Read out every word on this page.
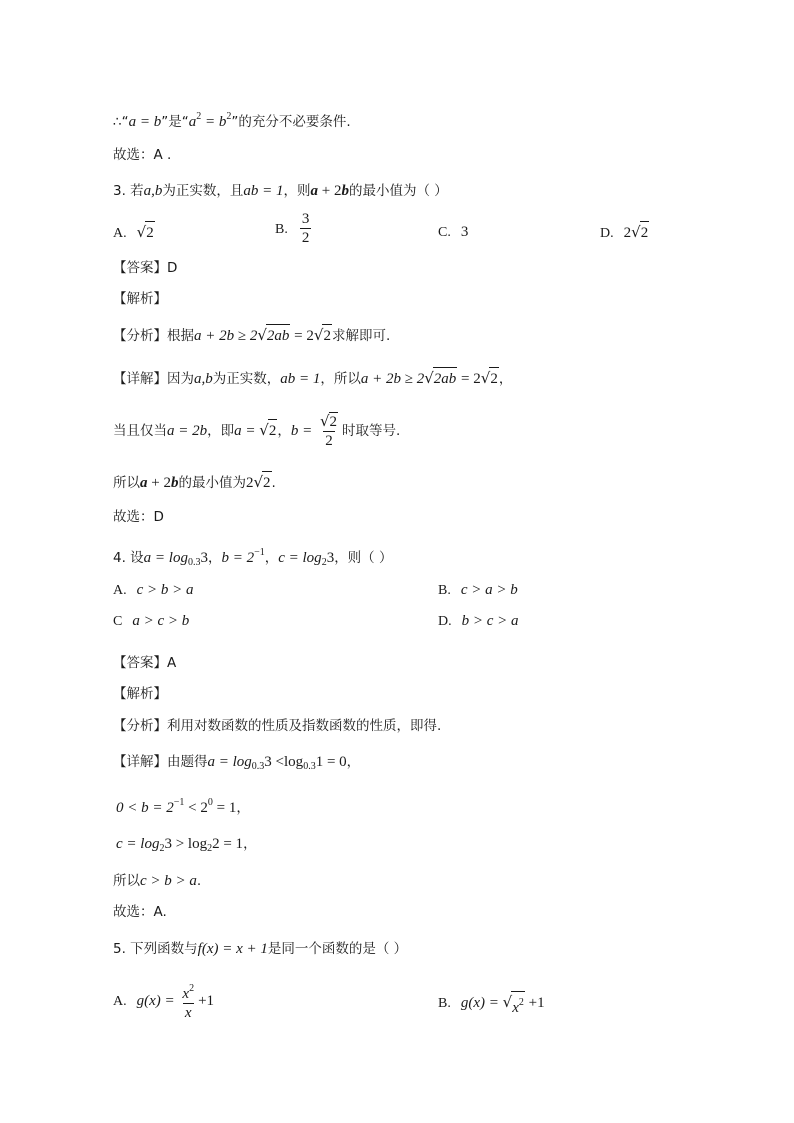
∴“a = b”是“$a^2 = b^2$”的充分不必要条件.
故选：A .
3. 若a,b为正实数，且ab = 1，则a + 2b的最小值为（ ）
A. √ 2	B. $\frac{3}{2}$	C. 3	D. 2 √ 2
【答案】D
【解析】
【分析】根据a + 2b ≥ 2 √ 2ab = 2 √ 2 求解即可.
【详解】因为a,b为正实数，ab = 1，所以a + 2b ≥ 2 √ 2ab = 2 √ 2 ，
当且仅当a = 2b，即a = √ 2 ，$b = \frac{√ 2}{2}$ 时取等号.
所以a + 2b的最小值为2 √ 2 .
故选：D
4. 设$a = \log_{0.3}3$，$b = 2^{-1}$，$c = \log_23$，则（ ）
A. c > b > a	B. c > a > b
C a > c > b	D. b > c > a
【答案】A
【解析】
【分析】利用对数函数的性质及指数函数的性质，即得.
【详解】由题得$a = \log_{0.3}3 <\log_{0.3}1 = 0$，
$0 < b = 2^{-1} < 2^0 = 1$，
$c = \log_23 > \log_22 = 1$，
所以c > b > a.
故选：A.
5. 下列函数与f(x) = x + 1是同一个函数的是（ ）
A. $g(x) = \frac{x^2}{x} +1$	B. g(x) = √ $x^2 +1$
